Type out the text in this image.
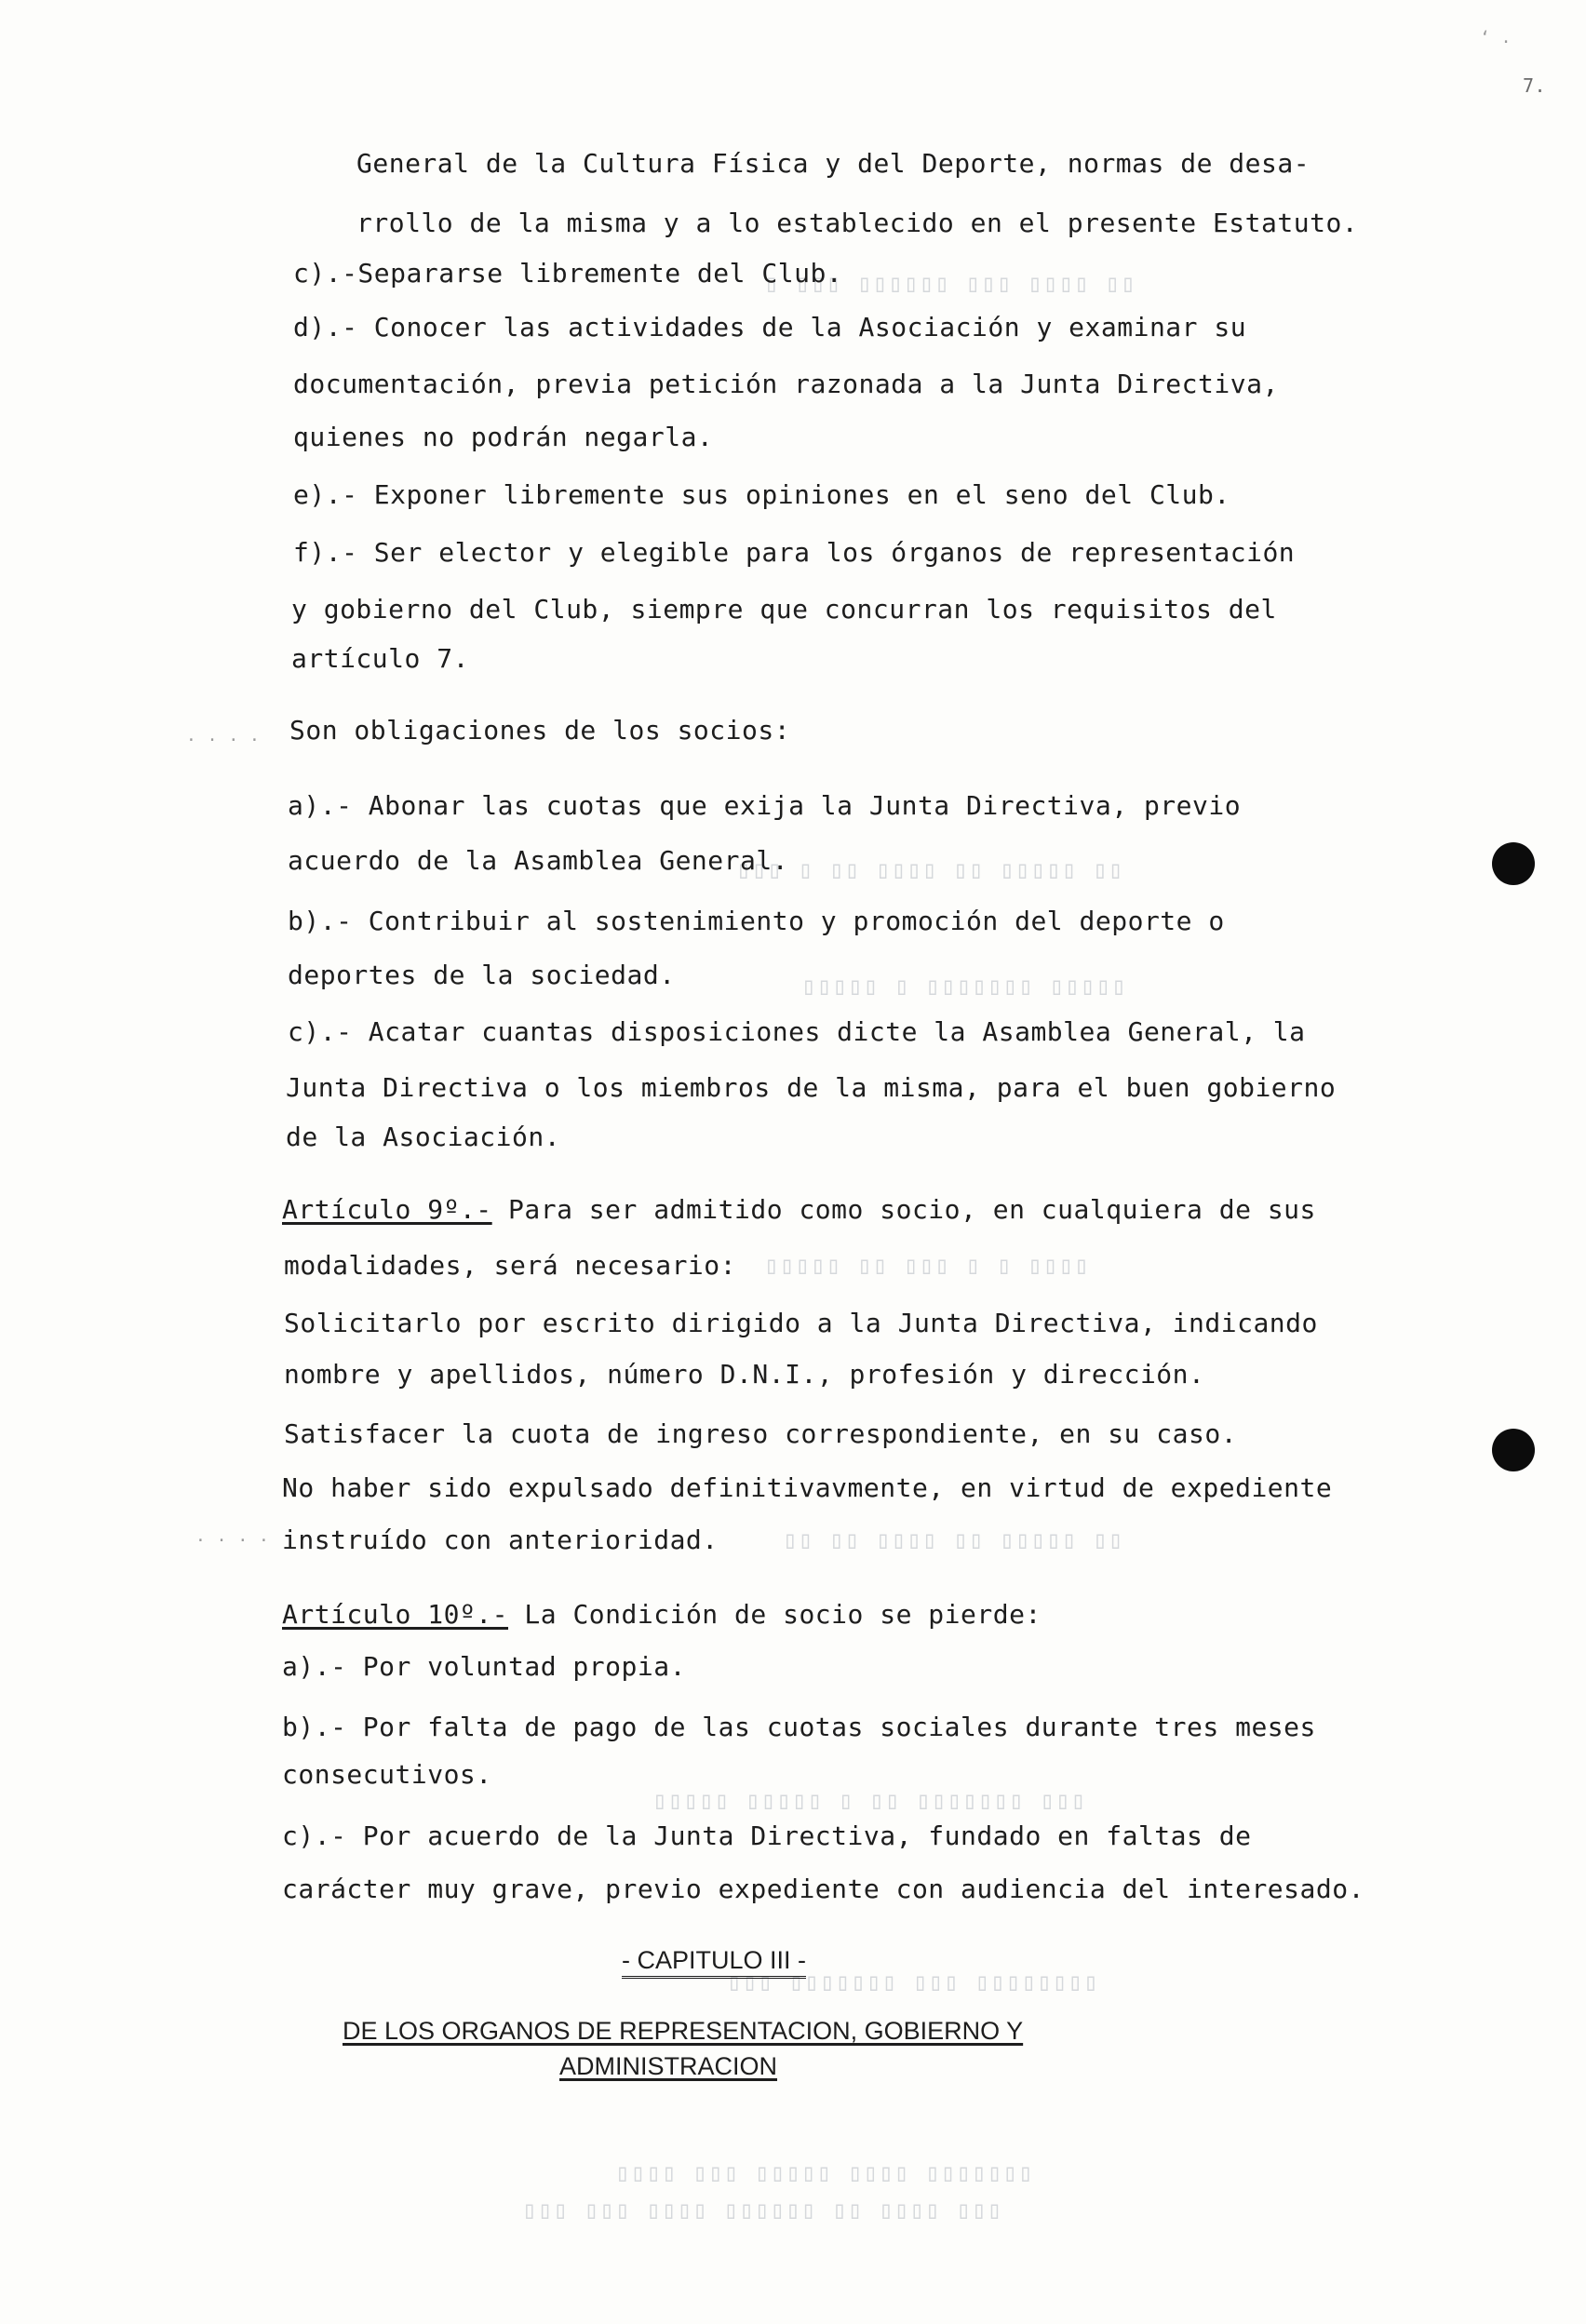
▯▯ ▯▯▯▯ ▯▯▯ ▯▯▯▯▯▯ ▯▯▯ ▯
▯▯ ▯▯▯▯▯ ▯▯ ▯▯▯▯ ▯▯ ▯ ▯▯▯
▯▯▯▯▯ ▯▯▯▯▯▯▯ ▯ ▯▯▯▯▯
▯▯▯▯ ▯ ▯ ▯▯▯ ▯▯ ▯▯▯▯▯
▯▯ ▯▯▯▯▯ ▯▯ ▯▯▯▯ ▯▯ ▯▯
▯▯▯ ▯▯▯▯▯▯▯ ▯▯ ▯ ▯▯▯▯▯ ▯▯▯▯▯
▯▯▯▯▯▯▯▯ ▯▯▯ ▯▯▯▯▯▯▯ ▯▯▯
▯▯▯▯▯▯▯ ▯▯▯▯ ▯▯▯▯▯ ▯▯▯ ▯▯▯▯
▯▯▯ ▯▯▯▯ ▯▯ ▯▯▯▯▯▯ ▯▯▯▯ ▯▯▯ ▯▯▯
. . . .
. . . .
‘ .
7.
General de la Cultura Física y del Deporte, normas de desa-
rrollo de la misma y a lo establecido en el presente Estatuto.
c).-Separarse libremente del Club.
d).- Conocer las actividades de la Asociación y examinar su
documentación, previa petición razonada a la Junta Directiva,
quienes no podrán negarla.
e).- Exponer libremente sus opiniones en el seno del Club.
f).- Ser elector y elegible para los órganos de representación
y gobierno del Club, siempre que concurran los requisitos del
artículo 7.
Son obligaciones de los socios:
a).- Abonar las cuotas que exija la Junta Directiva, previo
acuerdo de la Asamblea General.
b).- Contribuir al sostenimiento y promoción del deporte o
deportes de la sociedad.
c).- Acatar cuantas disposiciones dicte la Asamblea General, la
Junta Directiva o los miembros de la misma, para el buen gobierno
de la Asociación.
Artículo 9º.- Para ser admitido como socio, en cualquiera de sus
modalidades, será necesario:
Solicitarlo por escrito dirigido a la Junta Directiva, indicando
nombre y apellidos, número D.N.I., profesión y dirección.
Satisfacer la cuota de ingreso correspondiente, en su caso.
No haber sido expulsado definitivavmente, en virtud de expediente
instruído con anterioridad.
Artículo 10º.- La Condición de socio se pierde:
a).- Por voluntad propia.
b).- Por falta de pago de las cuotas sociales durante tres meses
consecutivos.
c).- Por acuerdo de la Junta Directiva, fundado en faltas de
carácter muy grave, previo expediente con audiencia del interesado.
- CAPITULO III -
DE LOS ORGANOS DE REPRESENTACION, GOBIERNO Y
ADMINISTRACION
